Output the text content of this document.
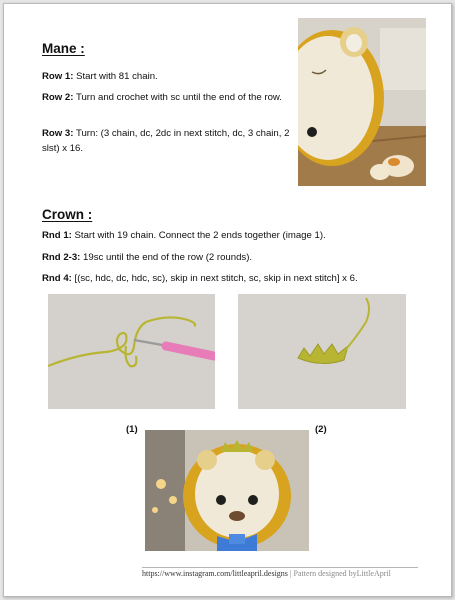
Mane :

Row 1: Start with 81 chain.

Row 2: Turn and crochet with sc until the end of the row.

Row 3: Turn: (3 chain, dc, 2dc in next stitch, dc, 3 chain, 2 slst) x 16.

Crown :

Rnd 1: Start with 19 chain. Connect the 2 ends together (image 1).

Rnd 2-3: 19sc until the end of the row (2 rounds).

Rnd 4: [(sc, hdc, dc, hdc, sc), skip in next stitch, sc, skip in next stitch] x 6.

(1)	(2)

https://www.instagram.com/littleapril.designs | Pattern designed byLittleApril
